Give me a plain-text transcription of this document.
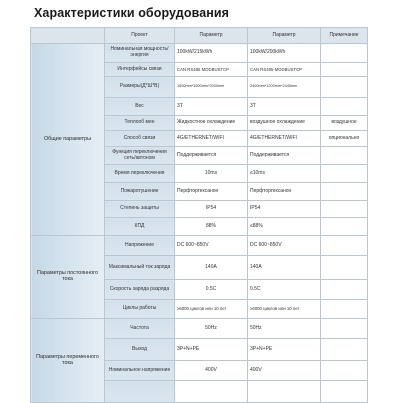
Характеристики оборудования
	Проект	Параметр	Параметр	Примечание
Общие параметры	Номинальная мощность/энергия	100kW/215kWh	100kW/200kWh	
	Интерфейсы связи	CAN RS485 MODBUSTCP	CAN RS485 MODBUSTCP	
	Размеры(Д*Ш*В)	1500mm*1500mm*2000mm	2400mm*1200mm*2445mm	
	Вес	3T	3T	
	Теплооб мен	Жидкостное охлаждение	воздушное охлаждение	воздушное
	Способ связи	4G/ETHERNET/WIFI	4G/ETHERNET/WIFI	опционально
	Функция переключения сеть/автоном	Поддерживается	Поддерживается	
	Время переключения	10ms	≤10ms	
	Пожаротушение	Перфторгексанон	Перфторгексанон	
	Степень защиты	IP54	IP54	
	КПД	88%	≤88%	
Параметры постоянного тока	Напряжение	DC 600~850V	DC 600~850V	
	Максимальный ток заряда	140A	140A	
	Скорость заряда разряда	0.5C	0.5C	
	Циклы работы	≥6000 циклов или 10 лет	≥6000 циклов или 10 лет	
Параметры переменного тока	Частота	50Hz	50Hz	
	Выход	3P+N+PE	3P+N+PE	
	Номинальное напряжение	400V	400V	
